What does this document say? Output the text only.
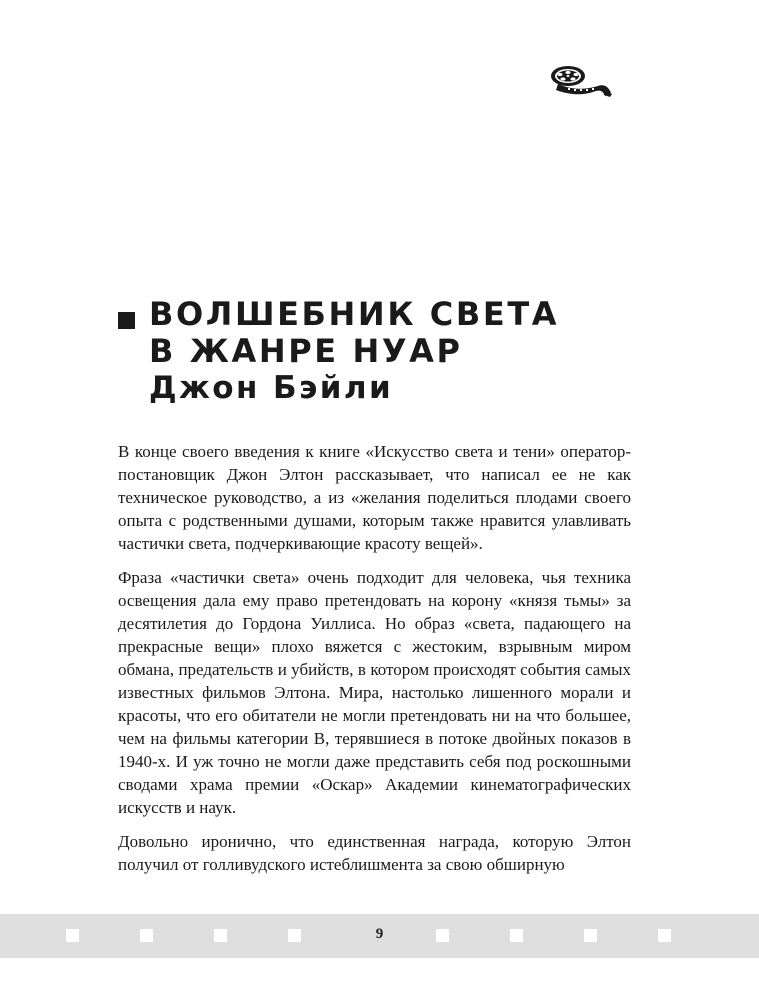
ВОЛШЕБНИК СВЕТА
В ЖАНРЕ НУАР
Джон Бэйли

В конце своего введения к книге «Искусство света и тени» оператор-постановщик Джон Элтон рассказывает, что написал ее не как техническое руководство, а из «желания поделиться плодами своего опыта с родственными душами, которым также нравится улавливать частички света, подчеркивающие красоту вещей».

Фраза «частички света» очень подходит для человека, чья техника освещения дала ему право претендовать на корону «князя тьмы» за десятилетия до Гордона Уиллиса. Но образ «света, падающего на прекрасные вещи» плохо вяжется с жестоким, взрывным миром обмана, предательств и убийств, в котором происходят события самых известных фильмов Элтона. Мира, настолько лишенного морали и красоты, что его обитатели не могли претендовать ни на что большее, чем на фильмы категории B, терявшиеся в потоке двойных показов в 1940-х. И уж точно не могли даже представить себя под роскошными сводами храма премии «Оскар» Академии кинематографических искусств и наук.

Довольно иронично, что единственная награда, которую Элтон получил от голливудского истеблишмента за свою обширную

9
